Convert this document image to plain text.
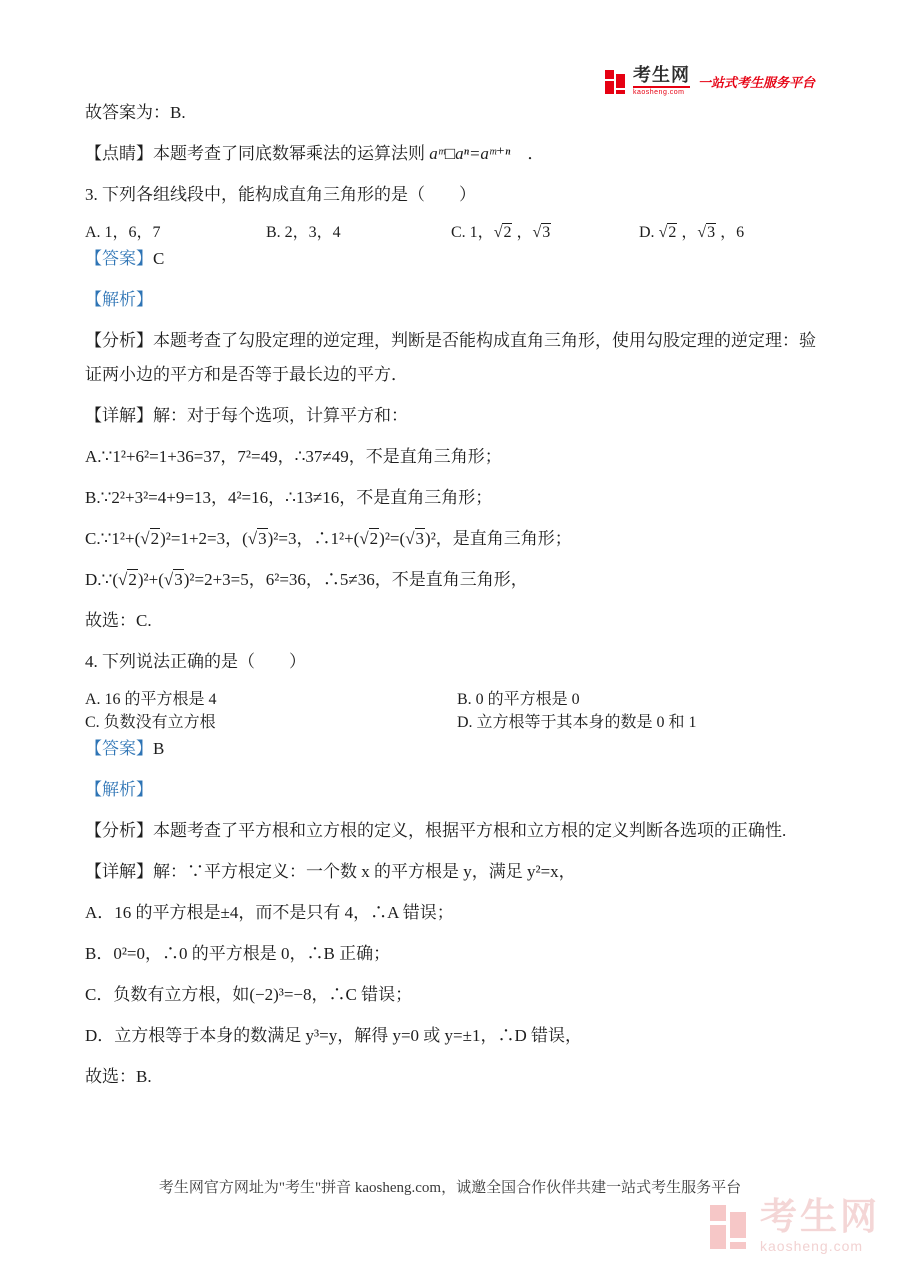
考生网
kaosheng.com
一站式考生服务平台

故答案为：B.

【点睛】本题考查了同底数幂乘法的运算法则 aᵐ□aⁿ=aᵐ⁺ⁿ　．

3. 下列各组线段中，能构成直角三角形的是（　　）

A. 1，6，7	B. 2，3，4	C. 1，√2 ，√3	D. √2 ，√3 ，6

【答案】C

【解析】

【分析】本题考查了勾股定理的逆定理，判断是否能构成直角三角形，使用勾股定理的逆定理：验证两小边的平方和是否等于最长边的平方．

【详解】解：对于每个选项，计算平方和：

A.∵1²+6²=1+36=37，7²=49，∴37≠49，不是直角三角形；

B.∵2²+3²=4+9=13，4²=16，∴13≠16，不是直角三角形；

C.∵1²+(√2)²=1+2=3，(√3)²=3，∴1²+(√2)²=(√3)²，是直角三角形；

D.∵(√2)²+(√3)²=2+3=5，6²=36，∴5≠36，不是直角三角形，

故选：C.

4. 下列说法正确的是（　　）

A. 16 的平方根是 4	B. 0 的平方根是 0
C. 负数没有立方根	D. 立方根等于其本身的数是 0 和 1

【答案】B

【解析】

【分析】本题考查了平方根和立方根的定义，根据平方根和立方根的定义判断各选项的正确性.

【详解】解：∵平方根定义：一个数 x 的平方根是 y，满足 y²=x，

A．16 的平方根是±4，而不是只有 4，∴A 错误；

B．0²=0，∴0 的平方根是 0，∴B 正确；

C．负数有立方根，如(−2)³=−8，∴C 错误；

D．立方根等于本身的数满足 y³=y，解得 y=0 或 y=±1，∴D 错误，

故选：B.

考生网官方网址为"考生"拼音 kaosheng.com，诚邀全国合作伙伴共建一站式考生服务平台
考生网
kaosheng.com
